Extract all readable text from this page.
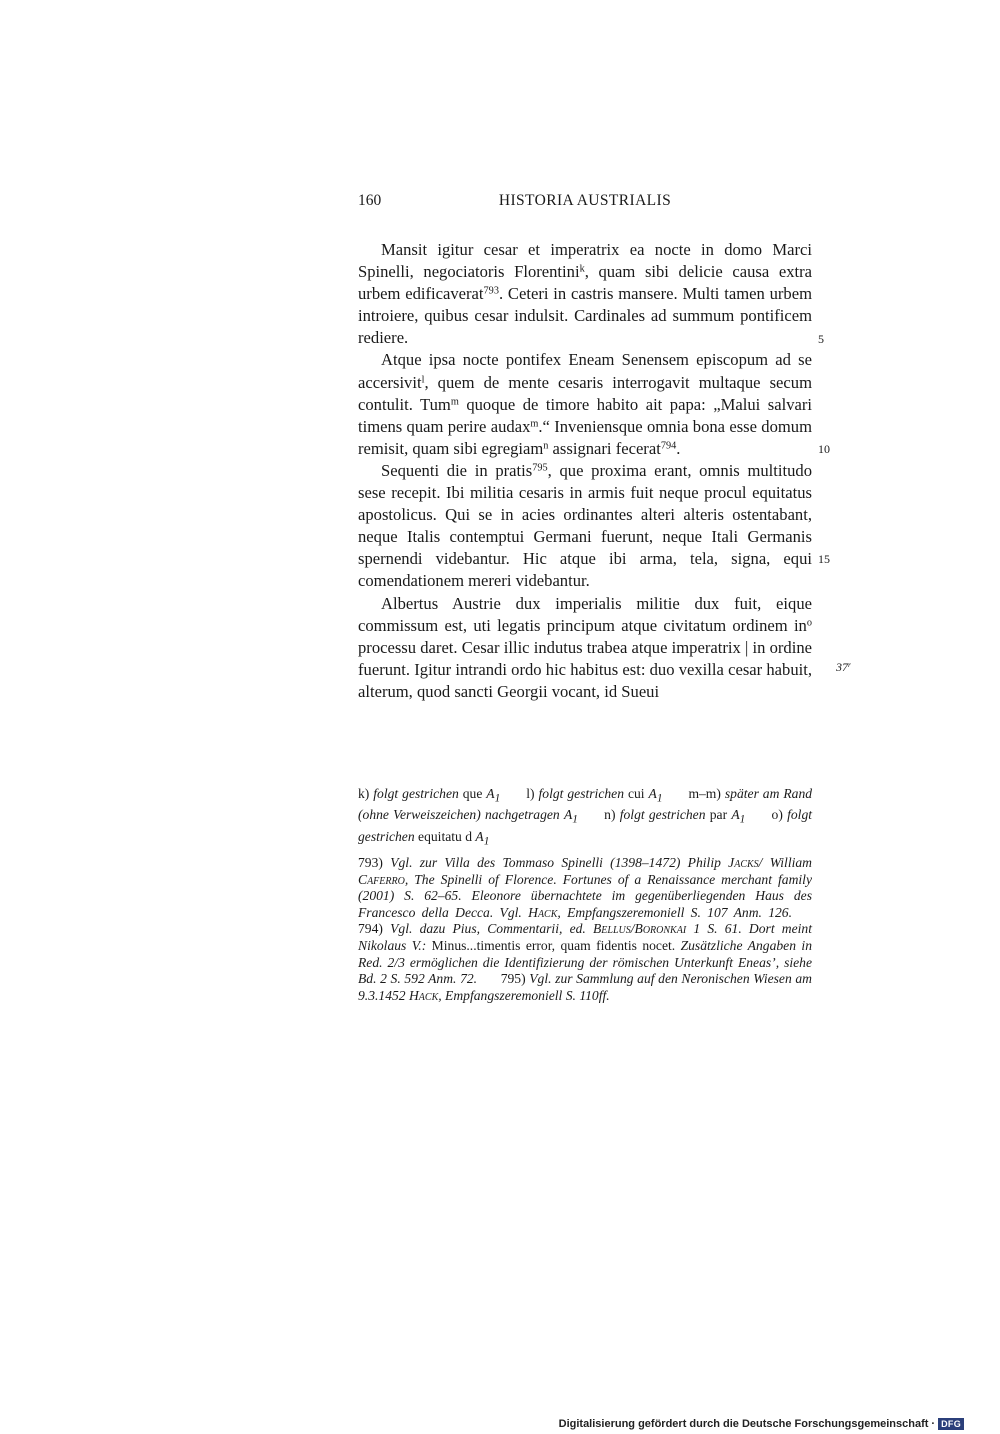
160	HISTORIA AUSTRIALIS

Mansit igitur cesar et imperatrix ea nocte in domo Marci Spinelli, negociatoris Florentini$^k$, quam sibi delicie causa extra urbem edificaverat$^{793}$. Ceteri in castris mansere. Multi tamen urbem introiere, quibus cesar indulsit. Cardinales ad summum pontificem rediere.

Atque ipsa nocte pontifex Eneam Senensem episcopum ad se accersivit$^l$, quem de mente cesaris interrogavit multaque secum contulit. Tum$^m$ quoque de timore habito ait papa: „Malui salvari timens quam perire audax$^m$.“ Inveniensque omnia bona esse domum remisit, quam sibi egregiam$^n$ assignari fecerat$^{794}$.

Sequenti die in pratis$^{795}$, que proxima erant, omnis multitudo sese recepit. Ibi militia cesaris in armis fuit neque procul equitatus apostolicus. Qui se in acies ordinantes alteri alteris ostentabant, neque Italis contemptui Germani fuerunt, neque Itali Germanis spernendi videbantur. Hic atque ibi arma, tela, signa, equi comendationem mereri videbantur.

Albertus Austrie dux imperialis militie dux fuit, eique commissum est, uti legatis principum atque civitatum ordinem $in^o$ processu daret. Cesar illic indutus trabea atque imperatrix | in ordine fuerunt. Igitur intrandi ordo hic habitus est: duo vexilla cesar habuit, alterum, quod sancti Georgii vocant, id Sueui

5
10
15
37$^r$
k) folgt gestrichen que $A_1$ l) folgt gestrichen cui $A_1$ m–m) später am Rand (ohne Verweiszeichen) nachgetragen $A_1$ n) folgt gestrichen par $A_1$ o) folgt gestrichen equitatu d $A_1$
793) Vgl. zur Villa des Tommaso Spinelli (1398–1472) Philip Jacks/ William Caferro, The Spinelli of Florence. Fortunes of a Renaissance merchant family (2001) S. 62–65. Eleonore übernachtete im gegenüberliegenden Haus des Francesco della Decca. Vgl. Hack, Empfangszeremoniell S. 107 Anm. 126. 794) Vgl. dazu Pius, Commentarii, ed. Bellus/Boronkai 1 S. 61. Dort meint Nikolaus V.: Minus...timentis error, quam fidentis nocet. Zusätzliche Angaben in Red. 2/3 ermöglichen die Identifizierung der römischen Unterkunft Eneas’, siehe Bd. 2 S. 592 Anm. 72. 795) Vgl. zur Sammlung auf den Neronischen Wiesen am 9.3.1452 Hack, Empfangszeremoniell S. 110ff.
Digitalisierung gefördert durch die Deutsche Forschungsgemeinschaft · DFG
